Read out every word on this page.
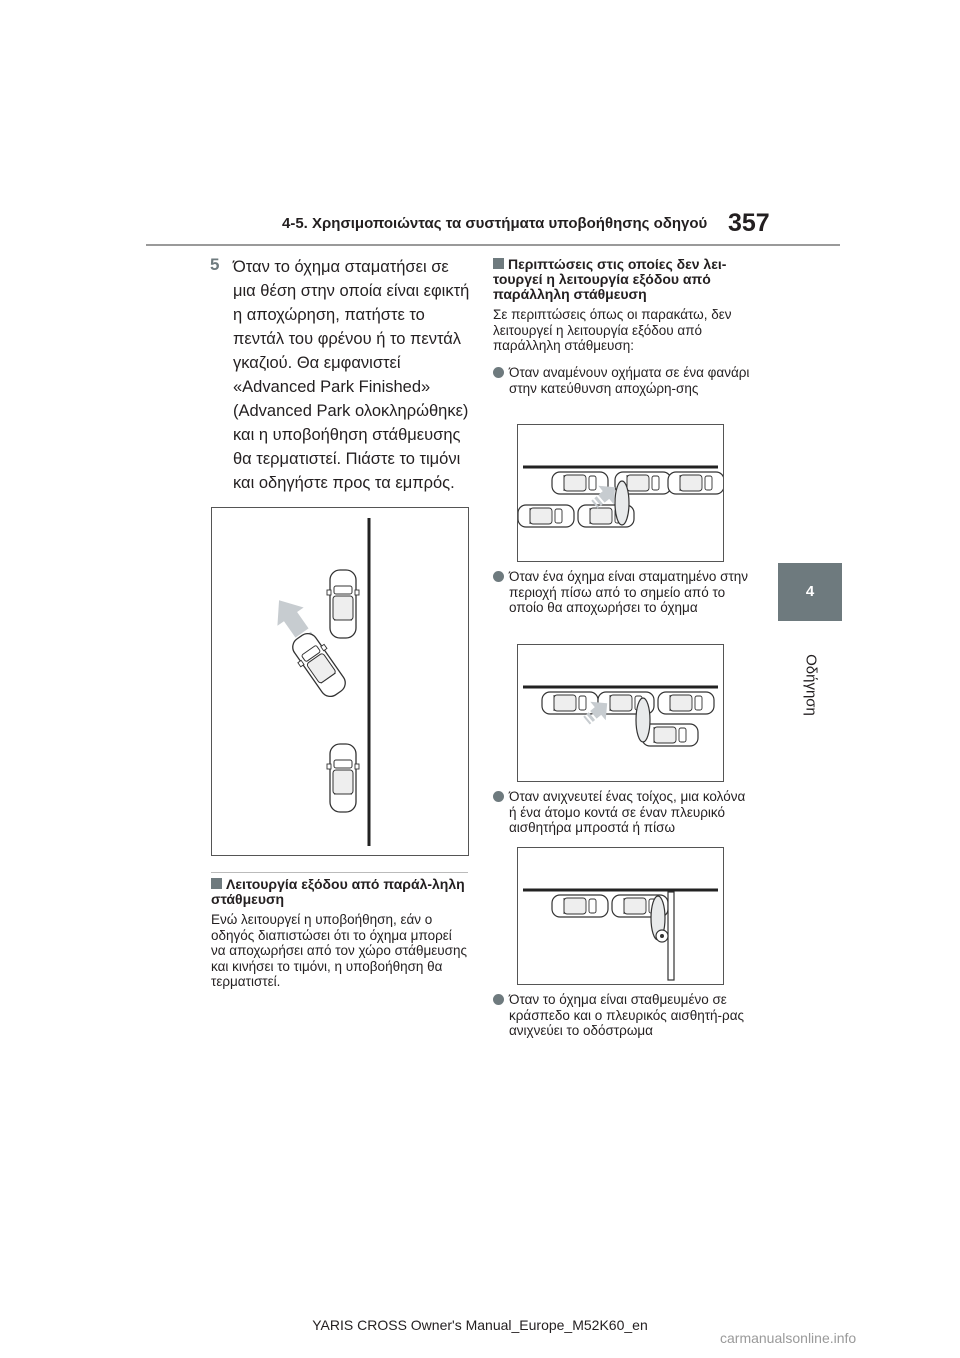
4-5. Χρησιμοποιώντας τα συστήματα υποβοήθησης οδηγού 357
4
Οδήγηση
5 Όταν το όχημα σταματήσει σε μια θέση στην οποία είναι εφικτή η αποχώρηση, πατήστε το πεντάλ του φρένου ή το πεντάλ γκαζιού. Θα εμφανιστεί «Advanced Park Finished» (Advanced Park ολοκληρώθηκε) και η υποβοήθηση στάθμευσης θα τερματιστεί. Πιάστε το τιμόνι και οδηγήστε προς τα εμπρός.
Λειτουργία εξόδου από παράλ-ληλη στάθμευση
Ενώ λειτουργεί η υποβοήθηση, εάν ο οδηγός διαπιστώσει ότι το όχημα μπορεί να αποχωρήσει από τον χώρο στάθμευσης και κινήσει το τιμόνι, η υποβοήθηση θα τερματιστεί.
Περιπτώσεις στις οποίες δεν λει-τουργεί η λειτουργία εξόδου από παράλληλη στάθμευση
Σε περιπτώσεις όπως οι παρακάτω, δεν λειτουργεί η λειτουργία εξόδου από παράλληλη στάθμευση:
Όταν αναμένουν οχήματα σε ένα φανάρι στην κατεύθυνση αποχώρη-σης
Όταν ένα όχημα είναι σταματημένο στην περιοχή πίσω από το σημείο από το οποίο θα αποχωρήσει το όχημα
Όταν ανιχνευτεί ένας τοίχος, μια κολόνα ή ένα άτομο κοντά σε έναν πλευρικό αισθητήρα μπροστά ή πίσω
Όταν το όχημα είναι σταθμευμένο σε κράσπεδο και ο πλευρικός αισθητή-ρας ανιχνεύει το οδόστρωμα
YARIS CROSS Owner's Manual_Europe_M52K60_en
carmanualsonline.info
